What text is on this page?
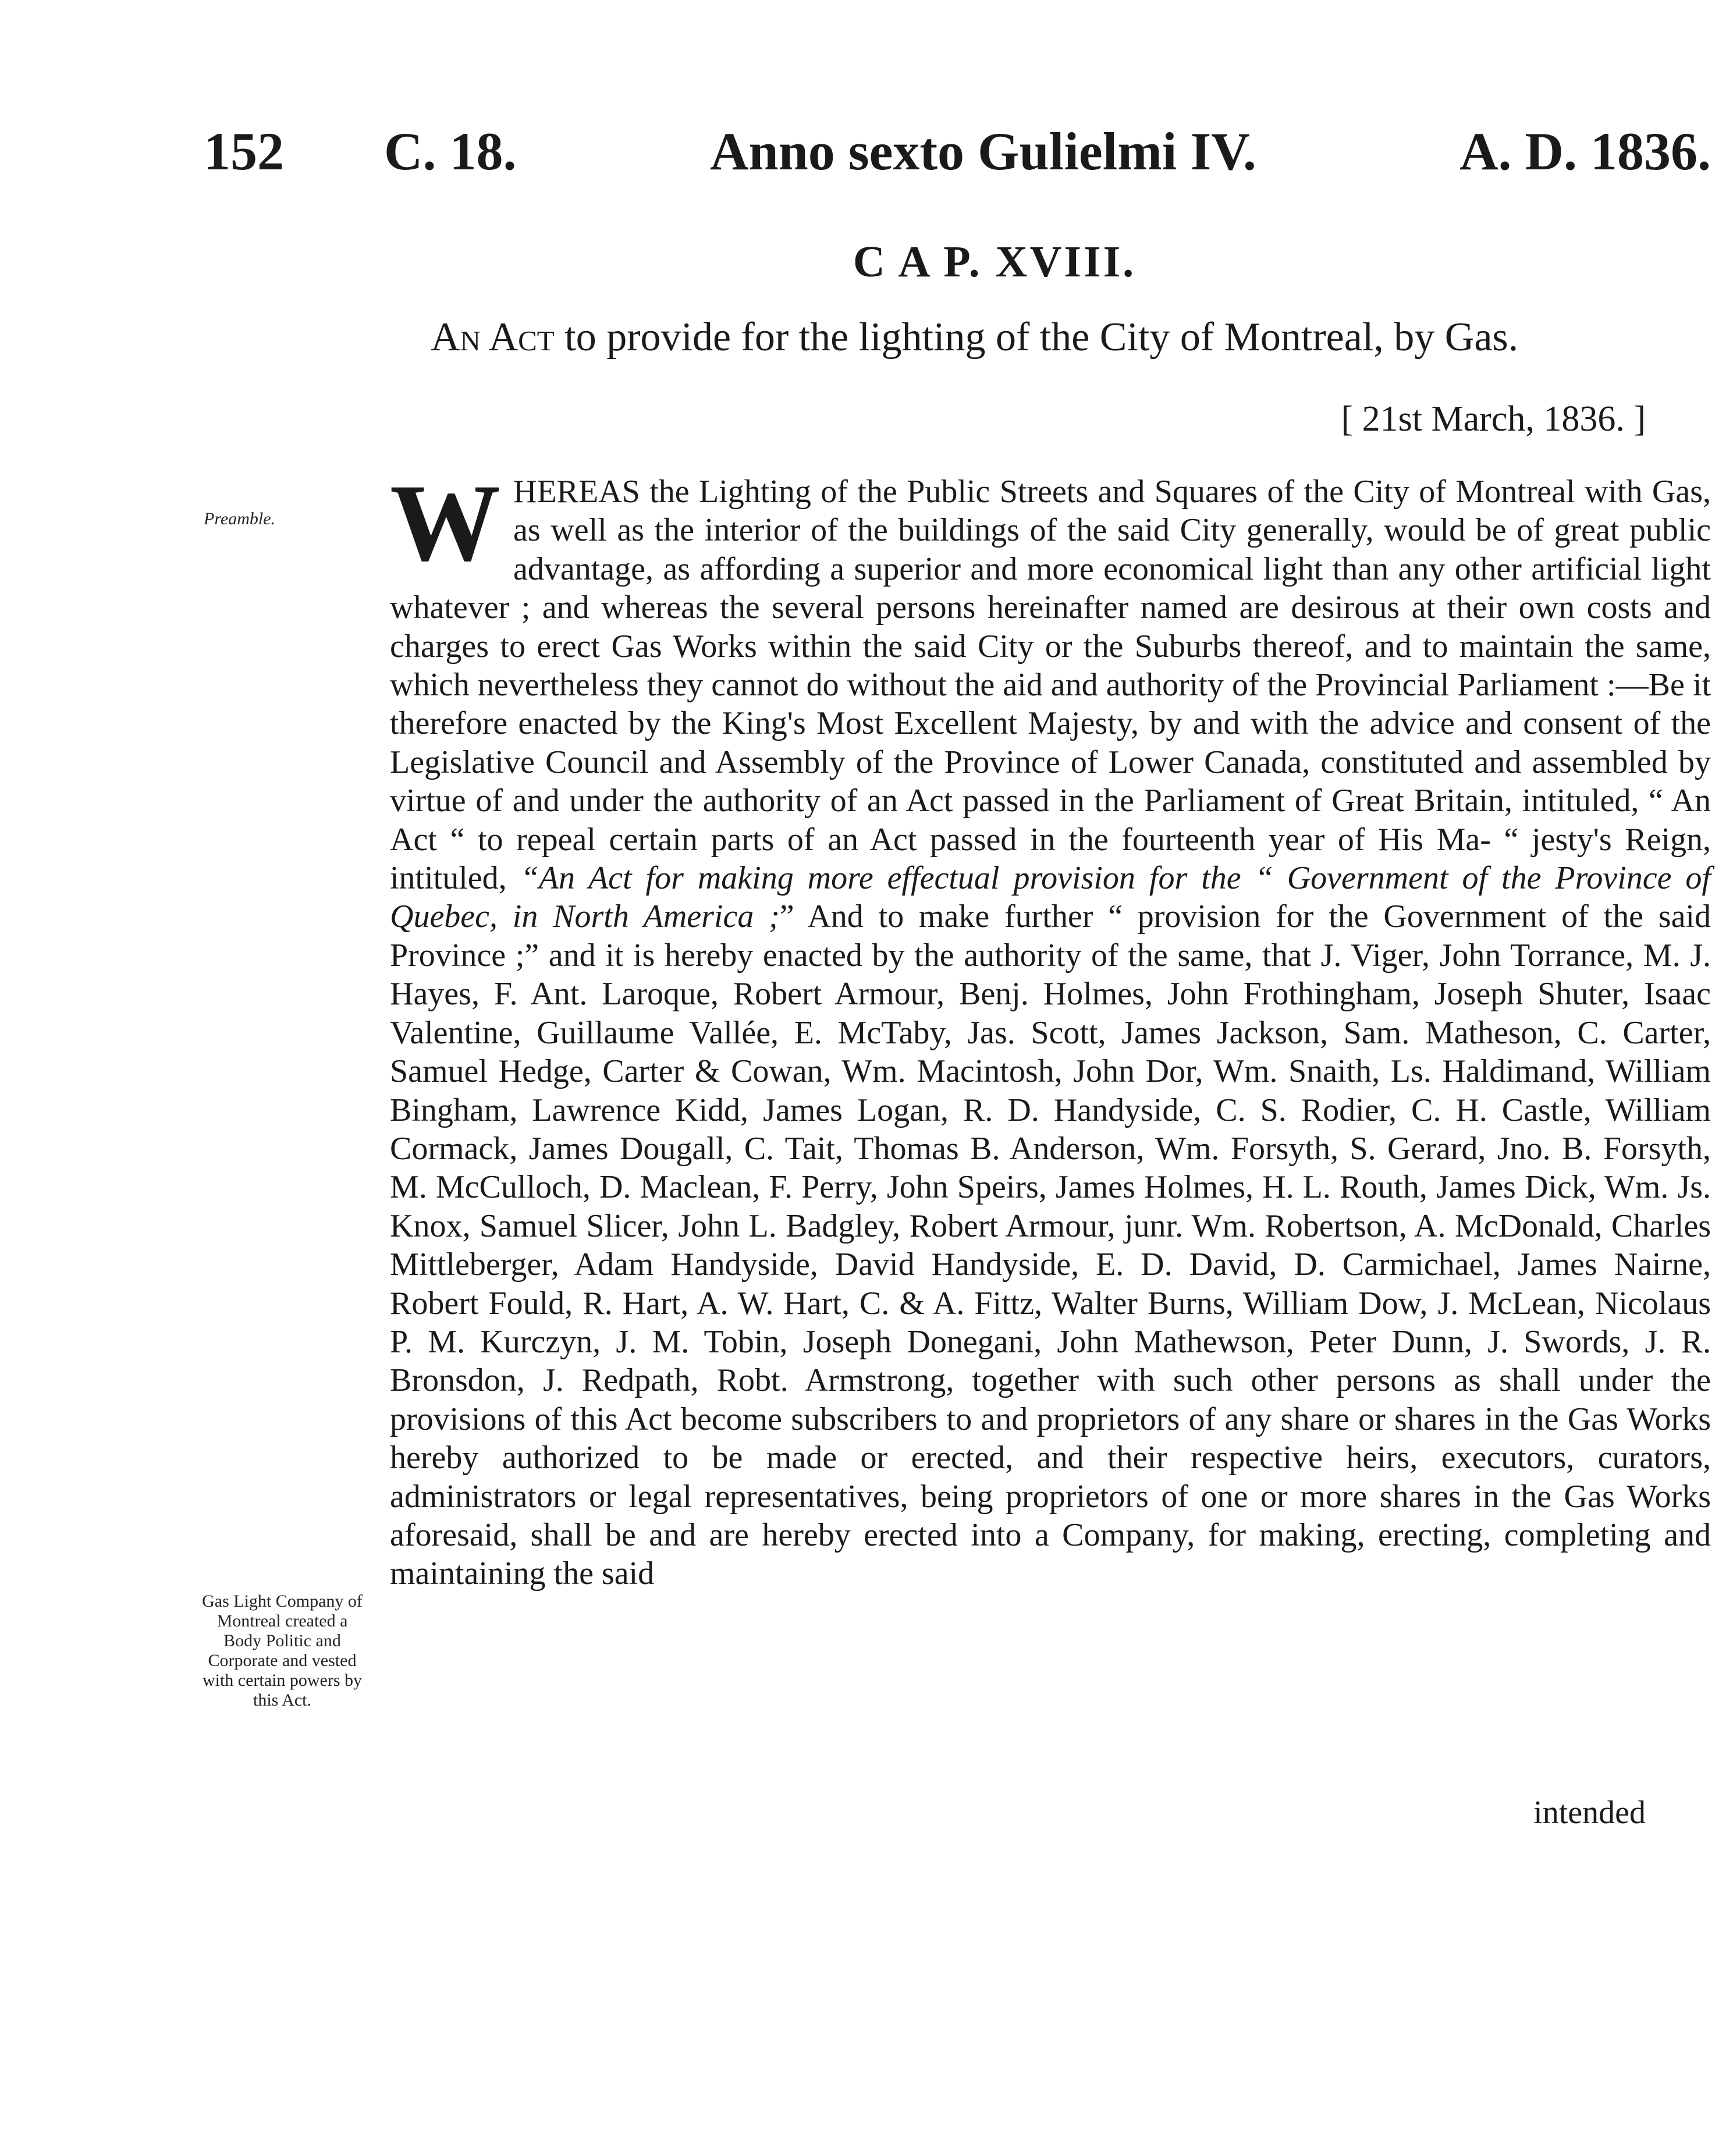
152 C. 18.	Anno sexto Gulielmi IV.	A. D. 1836.
C A P. XVIII.
An Act to provide for the lighting of the City of Montreal, by Gas.
[ 21st March, 1836. ]
Preamble.
Gas Light Company of Montreal created a Body Politic and Corporate and vested with certain powers by this Act.

WHEREAS the Lighting of the Public Streets and Squares of the City of Montreal with Gas, as well as the interior of the buildings of the said City generally, would be of great public advantage, as affording a superior and more economical light than any other artificial light whatever ; and whereas the several persons hereinafter named are desirous at their own costs and charges to erect Gas Works within the said City or the Suburbs thereof, and to maintain the same, which nevertheless they cannot do without the aid and authority of the Provincial Parliament :—Be it therefore enacted by the King's Most Excellent Majesty, by and with the advice and consent of the Legislative Council and Assembly of the Province of Lower Canada, constituted and assembled by virtue of and under the authority of an Act passed in the Parliament of Great Britain, intituled, “ An Act “ to repeal certain parts of an Act passed in the fourteenth year of His Ma- “ jesty's Reign, intituled, “An Act for making more effectual provision for the “ Government of the Province of Quebec, in North America ;” And to make further “ provision for the Government of the said Province ;” and it is hereby enacted by the authority of the same, that J. Viger, John Torrance, M. J. Hayes, F. Ant. Laroque, Robert Armour, Benj. Holmes, John Frothingham, Joseph Shuter, Isaac Valentine, Guillaume Vallée, E. McTaby, Jas. Scott, James Jackson, Sam. Matheson, C. Carter, Samuel Hedge, Carter & Cowan, Wm. Macintosh, John Dor, Wm. Snaith, Ls. Haldimand, William Bingham, Lawrence Kidd, James Logan, R. D. Handyside, C. S. Rodier, C. H. Castle, William Cormack, James Dougall, C. Tait, Thomas B. Anderson, Wm. Forsyth, S. Gerard, Jno. B. Forsyth, M. McCulloch, D. Maclean, F. Perry, John Speirs, James Holmes, H. L. Routh, James Dick, Wm. Js. Knox, Samuel Slicer, John L. Badgley, Robert Armour, junr. Wm. Robertson, A. McDonald, Charles Mittleberger, Adam Handyside, David Handyside, E. D. David, D. Carmichael, James Nairne, Robert Fould, R. Hart, A. W. Hart, C. & A. Fittz, Walter Burns, William Dow, J. McLean, Nicolaus P. M. Kurczyn, J. M. Tobin, Joseph Donegani, John Mathewson, Peter Dunn, J. Swords, J. R. Bronsdon, J. Redpath, Robt. Armstrong, together with such other persons as shall under the provisions of this Act become subscribers to and proprietors of any share or shares in the Gas Works hereby authorized to be made or erected, and their respective heirs, executors, curators, administrators or legal representatives, being proprietors of one or more shares in the Gas Works aforesaid, shall be and are hereby erected into a Company, for making, erecting, completing and maintaining the said

intended
